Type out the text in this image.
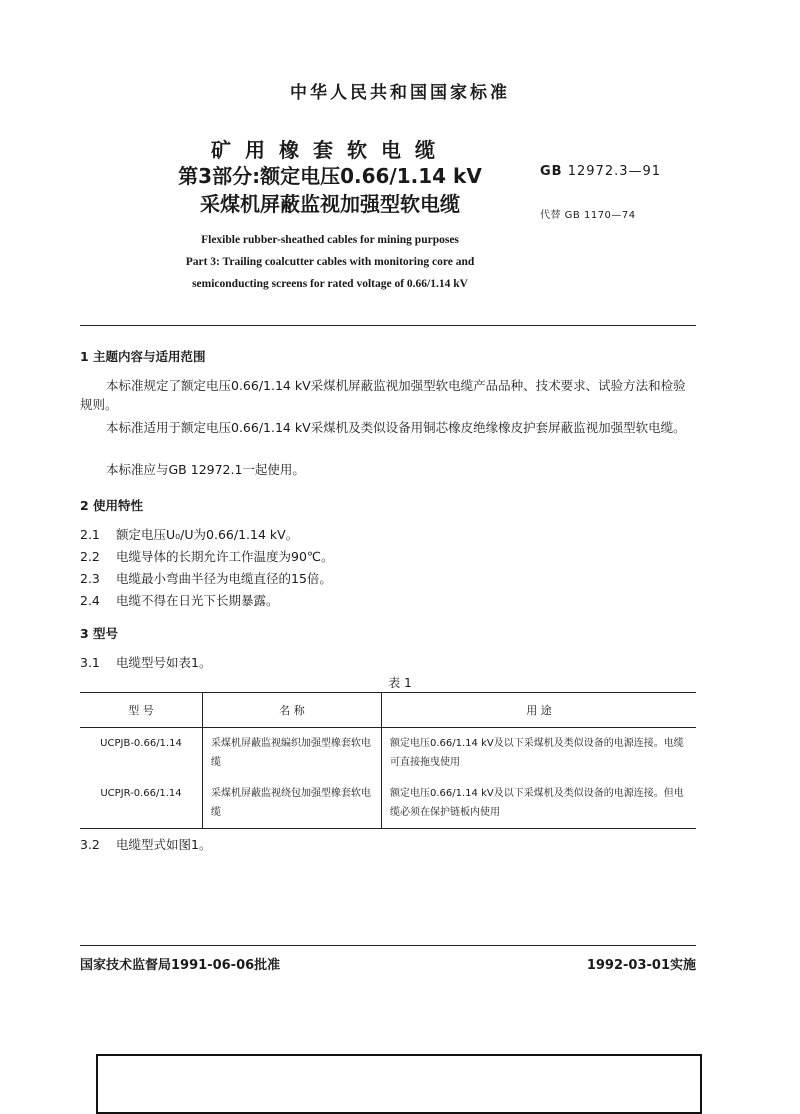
中华人民共和国国家标准
矿用橡套软电缆
第3部分:额定电压0.66/1.14 kV
采煤机屏蔽监视加强型软电缆
GB 12972.3—91
代替 GB 1170—74
Flexible rubber-sheathed cables for mining purposes
Part 3: Trailing coalcutter cables with monitoring core and
semiconducting screens for rated voltage of 0.66/1.14 kV
1 主题内容与适用范围
本标准规定了额定电压0.66/1.14 kV采煤机屏蔽监视加强型软电缆产品品种、技术要求、试验方法和检验规则。
本标准适用于额定电压0.66/1.14 kV采煤机及类似设备用铜芯橡皮绝缘橡皮护套屏蔽监视加强型软电缆。
本标准应与GB 12972.1一起使用。
2 使用特性
2.1 额定电压U₀/U为0.66/1.14 kV。
2.2 电缆导体的长期允许工作温度为90℃。
2.3 电缆最小弯曲半径为电缆直径的15倍。
2.4 电缆不得在日光下长期暴露。
3 型号
3.1 电缆型号如表1。
表 1
型 号	名 称	用 途
UCPJB-0.66/1.14	采煤机屏蔽监视编织加强型橡套软电缆	额定电压0.66/1.14 kV及以下采煤机及类似设备的电源连接。电缆可直接拖曳使用
UCPJR-0.66/1.14	采煤机屏蔽监视绕包加强型橡套软电缆	额定电压0.66/1.14 kV及以下采煤机及类似设备的电源连接。但电缆必须在保护链板内使用
3.2 电缆型式如图1。
国家技术监督局1991-06-06批准	1992-03-01实施
